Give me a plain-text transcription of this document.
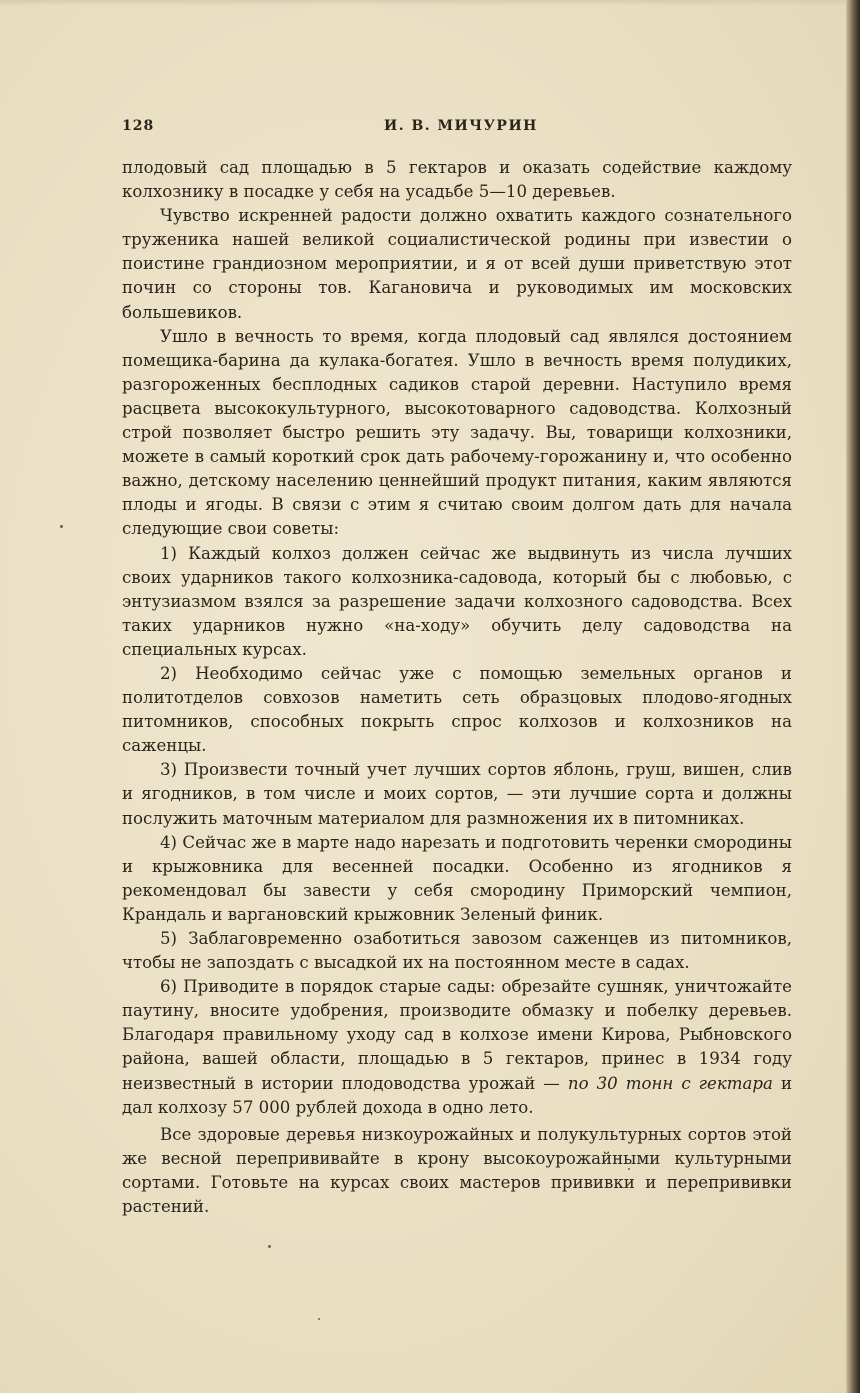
128	И. В. МИЧУРИН

плодовый сад площадью в 5 гектаров и оказать содействие каждому колхознику в посадке у себя на усадьбе 5—10 деревьев.

Чувство искренней радости должно охватить каждого сознательного труженика нашей великой социалистической родины при известии о поистине грандиозном мероприятии, и я от всей души приветствую этот почин со стороны тов. Кагановича и руководимых им московских большевиков.

Ушло в вечность то время, когда плодовый сад являлся достоянием помещика-барина да кулака-богатея. Ушло в вечность время полудиких, разгороженных бесплодных садиков старой деревни. Наступило время расцвета высококультурного, высокотоварного садоводства. Колхозный строй позволяет быстро решить эту задачу. Вы, товарищи колхозники, можете в самый короткий срок дать рабочему-горожанину и, что особенно важно, детскому населению ценнейший продукт питания, каким являются плоды и ягоды. В связи с этим я считаю своим долгом дать для начала следующие свои советы:

1) Каждый колхоз должен сейчас же выдвинуть из числа лучших своих ударников такого колхозника-садовода, который бы с любовью, с энтузиазмом взялся за разрешение задачи колхозного садоводства. Всех таких ударников нужно «на-ходу» обучить делу садоводства на специальных курсах.

2) Необходимо сейчас уже с помощью земельных органов и политотделов совхозов наметить сеть образцовых плодово-ягодных питомников, способных покрыть спрос колхозов и колхозников на саженцы.

3) Произвести точный учет лучших сортов яблонь, груш, вишен, слив и ягодников, в том числе и моих сортов, — эти лучшие сорта и должны послужить маточным материалом для размножения их в питомниках.

4) Сейчас же в марте надо нарезать и подготовить черенки смородины и крыжовника для весенней посадки. Особенно из ягодников я рекомендовал бы завести у себя смородину Приморский чемпион, Крандаль и варгановский крыжовник Зеленый финик.

5) Заблаговременно озаботиться завозом саженцев из питомников, чтобы не запоздать с высадкой их на постоянном месте в садах.

6) Приводите в порядок старые сады: обрезайте сушняк, уничтожайте паутину, вносите удобрения, производите обмазку и побелку деревьев. Благодаря правильному уходу сад в колхозе имени Кирова, Рыбновского района, вашей области, площадью в 5 гектаров, принес в 1934 году неизвестный в истории плодоводства урожай — по 30 тонн с гектара и дал колхозу 57 000 рублей дохода в одно лето.

Все здоровые деревья низкоурожайных и полукультурных сортов этой же весной перепрививайте в крону высокоурожайными культурными сортами. Готовьте на курсах своих мастеров прививки и перепрививки растений.
